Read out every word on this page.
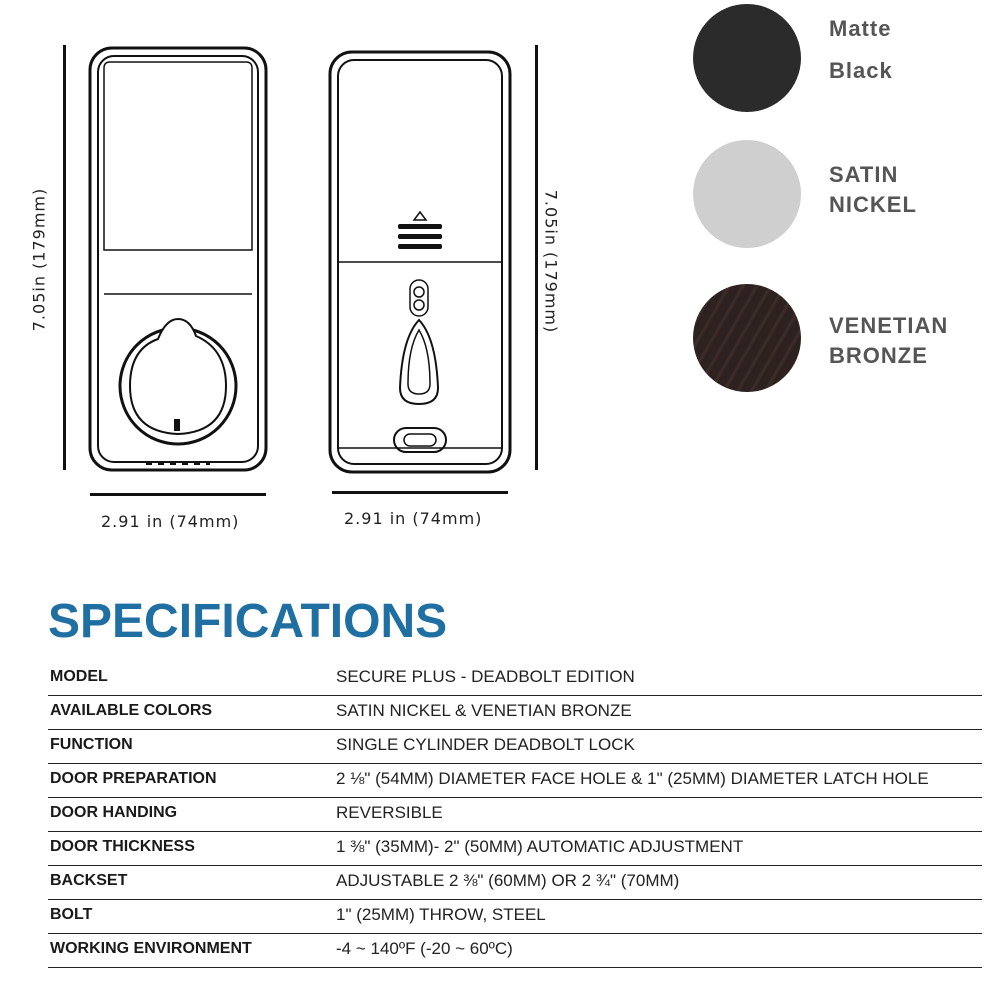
7.05in (179mm)
2.91 in (74mm)
7.05in (179mm)
2.91 in (74mm)
Matte
Black
SATIN
NICKEL
VENETIAN
BRONZE
SPECIFICATIONS
MODEL	SECURE PLUS - DEADBOLT EDITION
AVAILABLE COLORS	SATIN NICKEL & VENETIAN BRONZE
FUNCTION	SINGLE CYLINDER DEADBOLT LOCK
DOOR PREPARATION	2 ⅛" (54MM) DIAMETER FACE HOLE & 1" (25MM) DIAMETER LATCH HOLE
DOOR HANDING	REVERSIBLE
DOOR THICKNESS	1 ⅜" (35MM)- 2" (50MM) AUTOMATIC ADJUSTMENT
BACKSET	ADJUSTABLE 2 ⅜" (60MM) OR 2 ¾" (70MM)
BOLT	1" (25MM) THROW, STEEL
WORKING ENVIRONMENT	-4 ~ 140ºF (-20 ~ 60ºC)
